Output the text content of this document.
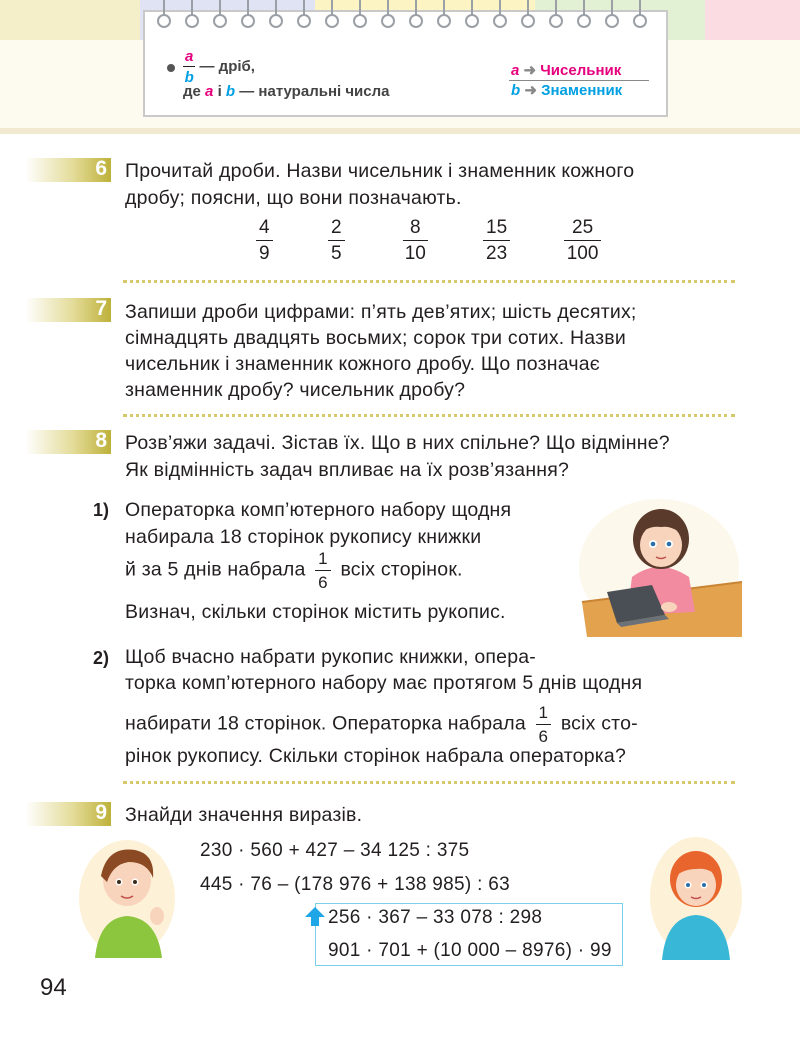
$\frac{a}{b}$ — дріб,
де a і b — натуральні числа
a ➜ Чисельник
b ➜ Знаменник
6 Прочитай дроби. Назви чисельник і знаменник кожного
дробу; поясни, що вони позначають.
$\frac{4}{9}$	$\frac{2}{5}$	$\frac{8}{10}$	$\frac{15}{23}$	$\frac{25}{100}$
7 Запиши дроби цифрами: п’ять дев’ятих; шість десятих;
сімнадцять двадцять восьмих; сорок три сотих. Назви
чисельник і знаменник кожного дробу. Що позначає
знаменник дробу? чисельник дробу?
8 Розв’яжи задачі. Зістав їх. Що в них спільне? Що відмінне?
Як відмінність задач впливає на їх розв’язання?
1) Операторка комп’ютерного набору щодня
набирала 18 сторінок рукопису книжки
й за 5 днів набрала $\frac{1}{6}$ всіх сторінок.
Визнач, скільки сторінок містить рукопис.
2) Щоб вчасно набрати рукопис книжки, опера-
торка комп’ютерного набору має протягом 5 днів щодня
набирати 18 сторінок. Операторка набрала $\frac{1}{6}$ всіх сто-
рінок рукопису. Скільки сторінок набрала операторка?
9 Знайди значення виразів.
230 · 560 + 427 – 34 125 : 375
445 · 76 – (178 976 + 138 985) : 63
256 · 367 – 33 078 : 298
901 · 701 + (10 000 – 8976) · 99
94
